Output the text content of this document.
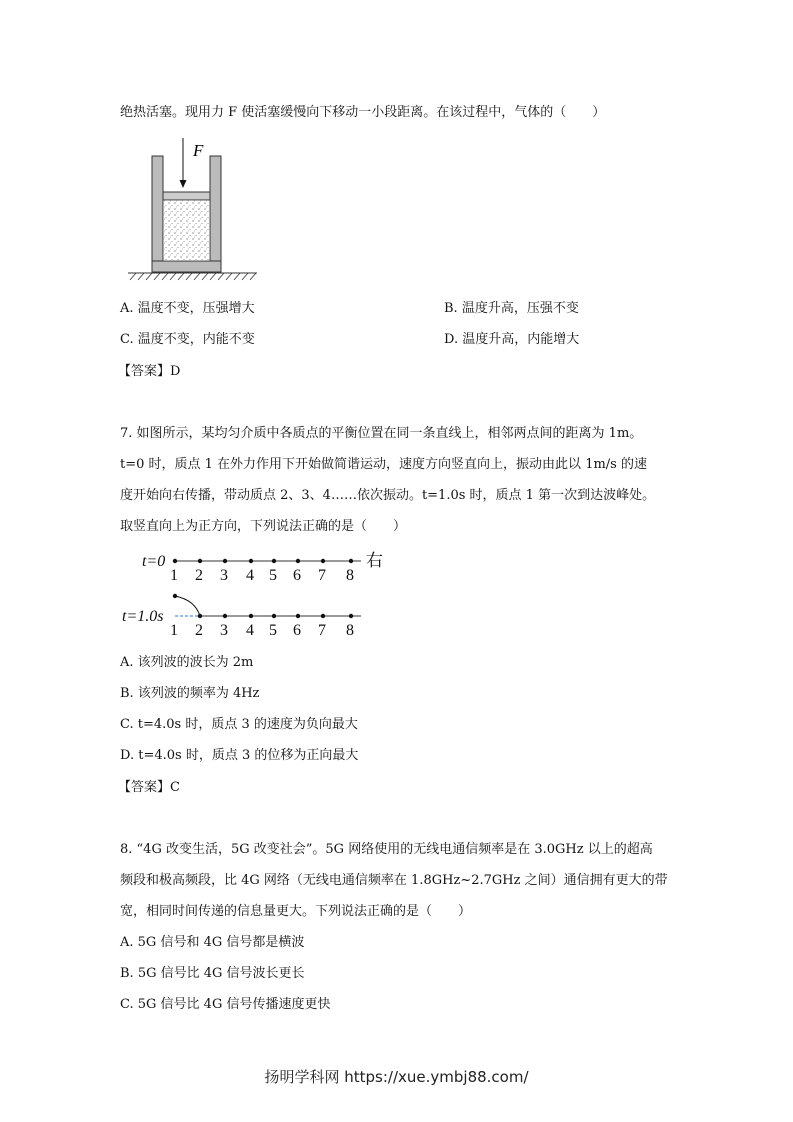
绝热活塞。现用力 F 使活塞缓慢向下移动一小段距离。在该过程中，气体的（　　）
F
A. 温度不变，压强增大	B. 温度升高，压强不变
C. 温度不变，内能不变	D. 温度升高，内能增大
【答案】D
7. 如图所示，某均匀介质中各质点的平衡位置在同一条直线上，相邻两点间的距离为 1m。
t=0 时，质点 1 在外力作用下开始做简谐运动，速度方向竖直向上，振动由此以 1m/s 的速
度开始向右传播，带动质点 2、3、4……依次振动。t=1.0s 时，质点 1 第一次到达波峰处。
取竖直向上为正方向，下列说法正确的是（　　）
t=0	右
1 2 3 4 5 6 7 8
t=1.0s
1 2 3 4 5 6 7 8
A. 该列波的波长为 2m
B. 该列波的频率为 4Hz
C. t=4.0s 时，质点 3 的速度为负向最大
D. t=4.0s 时，质点 3 的位移为正向最大
【答案】C
8. “4G 改变生活，5G 改变社会”。5G 网络使用的无线电通信频率是在 3.0GHz 以上的超高
频段和极高频段，比 4G 网络（无线电通信频率在 1.8GHz~2.7GHz 之间）通信拥有更大的带
宽，相同时间传递的信息量更大。下列说法正确的是（　　）
A. 5G 信号和 4G 信号都是横波
B. 5G 信号比 4G 信号波长更长
C. 5G 信号比 4G 信号传播速度更快
扬明学科网 https://xue.ymbj88.com/
